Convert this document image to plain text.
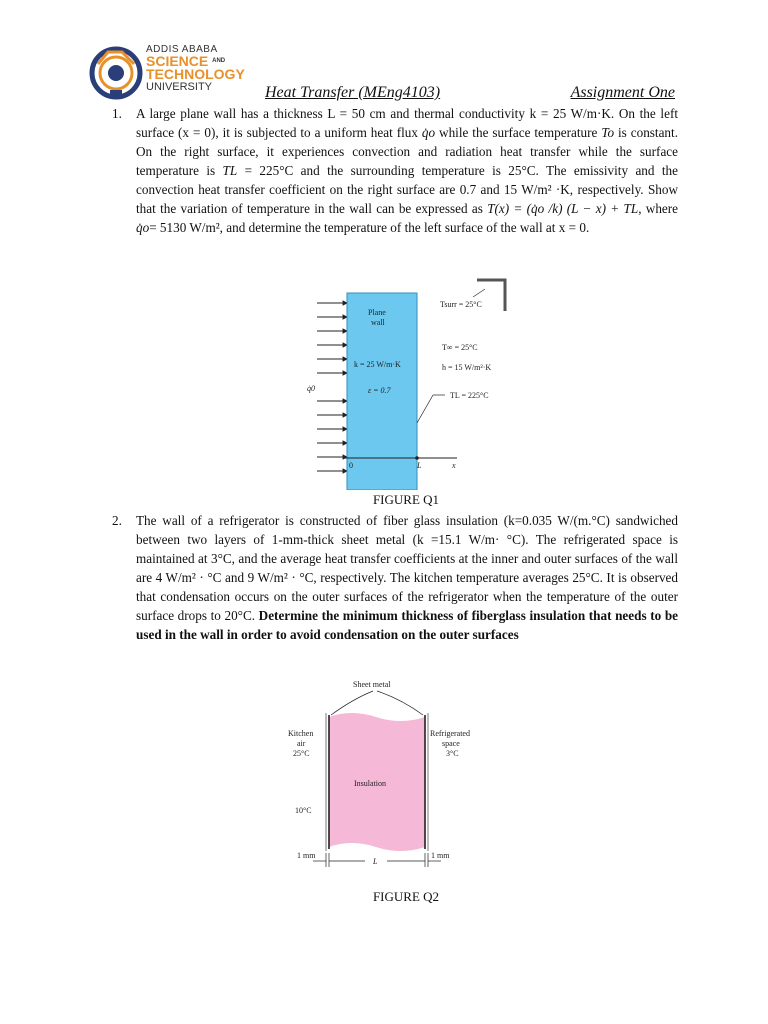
ADDIS ABABA
SCIENCE $^{AND}$
TECHNOLOGY
UNIVERSITY	Heat Transfer (MEng4103)	Assignment One
1. A large plane wall has a thickness L = 50 cm and thermal conductivity k = 25 W/m·K. On the left surface (x = 0), it is subjected to a uniform heat flux q̇o while the surface temperature To is constant. On the right surface, it experiences convection and radiation heat transfer while the surface temperature is TL = 225°C and the surrounding temperature is 25°C. The emissivity and the convection heat transfer coefficient on the right surface are 0.7 and 15 W/m² ·K, respectively. Show that the variation of temperature in the wall can be expressed as T(x) = (q̇o /k) (L − x) + TL, where q̇o= 5130 W/m², and determine the temperature of the left surface of the wall at x = 0.
q̇0
Plane
wall
k = 25 W/m·K
ε = 0.7
0	L	x
Tsurr = 25°C
T∞ = 25°C
h = 15 W/m²·K
TL = 225°C
FIGURE Q1
2. The wall of a refrigerator is constructed of fiber glass insulation (k=0.035 W/(m.°C) sandwiched between two layers of 1-mm-thick sheet metal (k =15.1 W/m· °C). The refrigerated space is maintained at 3°C, and the average heat transfer coefficients at the inner and outer surfaces of the wall are 4 W/m² · °C and 9 W/m² · °C, respectively. The kitchen temperature averages 25°C. It is observed that condensation occurs on the outer surfaces of the refrigerator when the temperature of the outer surface drops to 20°C. Determine the minimum thickness of fiberglass insulation that needs to be used in the wall in order to avoid condensation on the outer surfaces
Sheet metal
Insulation
Kitchen
air
25°C
Refrigerated
space
3°C
10°C
1 mm	1 mm
L
FIGURE Q2
